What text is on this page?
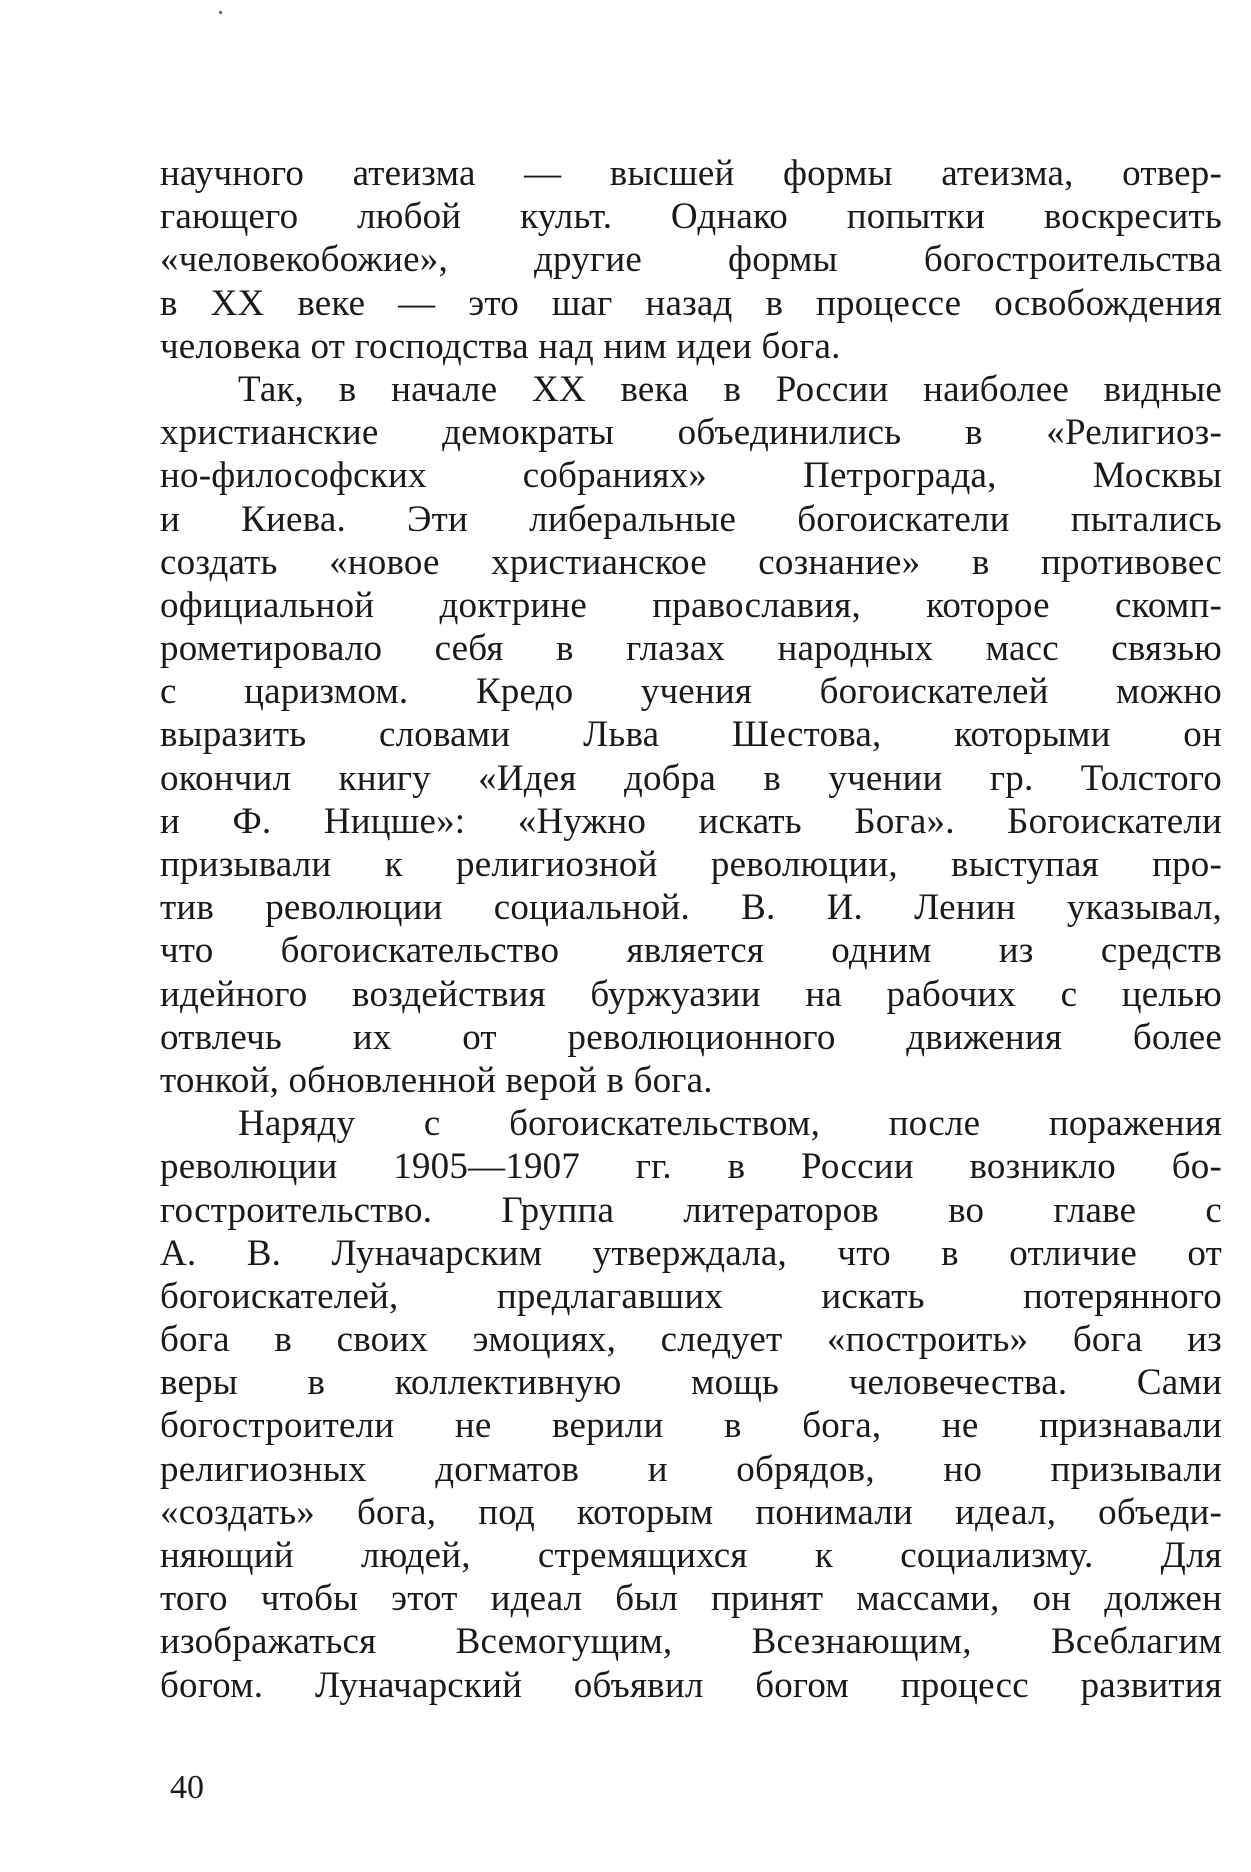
научного атеизма — высшей формы атеизма, отвер-
гающего любой культ. Однако попытки воскресить
«человекобожие», другие формы богостроительства
в XX веке — это шаг назад в процессе освобождения
человека от господства над ним идеи бога.
Так, в начале XX века в России наиболее видные
христианские демократы объединились в «Религиоз-
но-философских собраниях» Петрограда, Москвы
и Киева. Эти либеральные богоискатели пытались
создать «новое христианское сознание» в противовес
официальной доктрине православия, которое скомп-
рометировало себя в глазах народных масс связью
с царизмом. Кредо учения богоискателей можно
выразить словами Льва Шестова, которыми он
окончил книгу «Идея добра в учении гр. Толстого
и Ф. Ницше»: «Нужно искать Бога». Богоискатели
призывали к религиозной революции, выступая про-
тив революции социальной. В. И. Ленин указывал,
что богоискательство является одним из средств
идейного воздействия буржуазии на рабочих с целью
отвлечь их от революционного движения более
тонкой, обновленной верой в бога.
Наряду с богоискательством, после поражения
революции 1905—1907 гг. в России возникло бо-
гостроительство. Группа литераторов во главе с
А. В. Луначарским утверждала, что в отличие от
богоискателей, предлагавших искать потерянного
бога в своих эмоциях, следует «построить» бога из
веры в коллективную мощь человечества. Сами
богостроители не верили в бога, не признавали
религиозных догматов и обрядов, но призывали
«создать» бога, под которым понимали идеал, объеди-
няющий людей, стремящихся к социализму. Для
того чтобы этот идеал был принят массами, он должен
изображаться Всемогущим, Всезнающим, Всеблагим
богом. Луначарский объявил богом процесс развития
40
